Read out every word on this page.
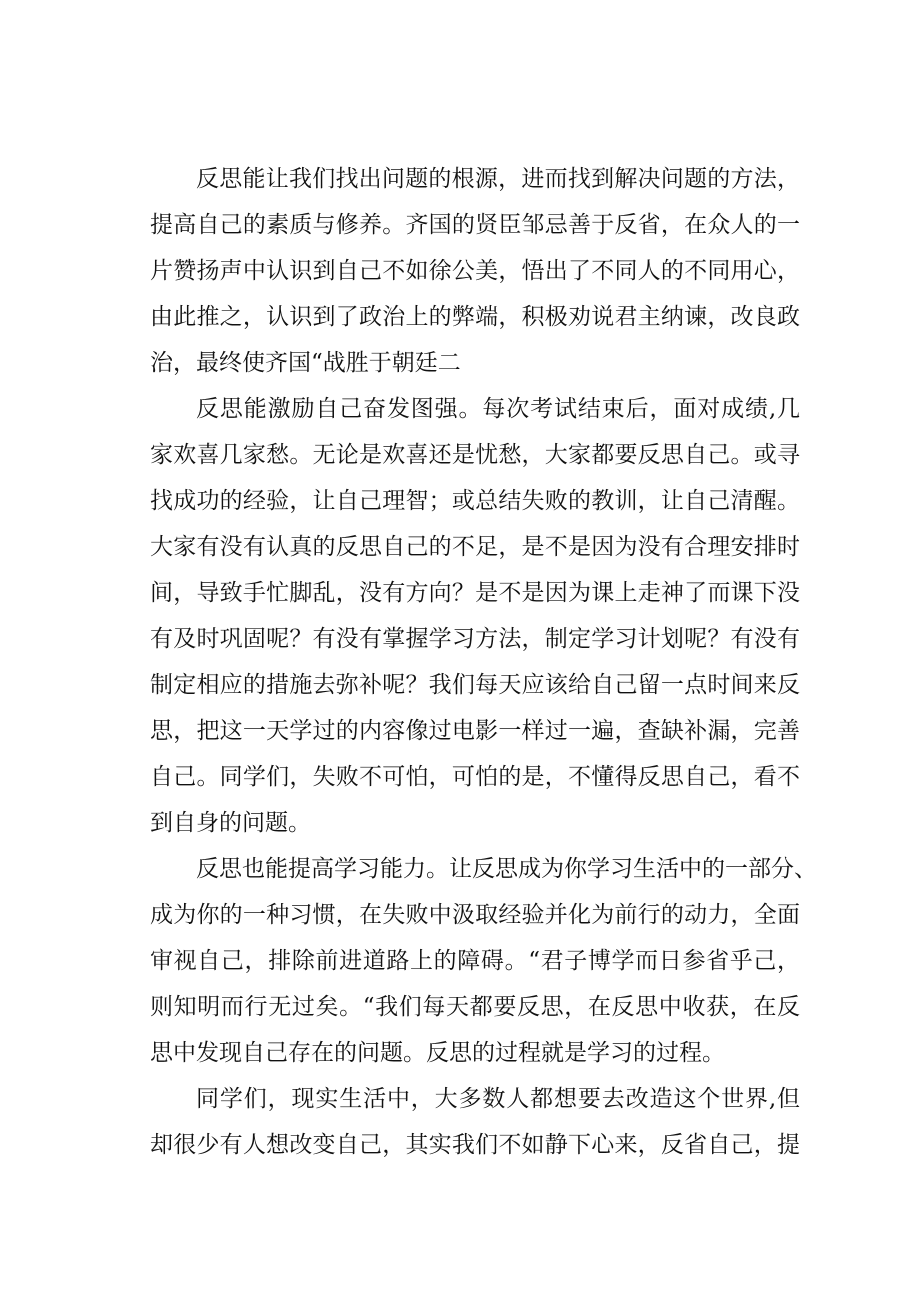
反思能让我们找出问题的根源，进而找到解决问题的方法，
提高自己的素质与修养。齐国的贤臣邹忌善于反省，在众人的一
片赞扬声中认识到自己不如徐公美，悟出了不同人的不同用心，
由此推之，认识到了政治上的弊端，积极劝说君主纳谏，改良政
治，最终使齐国“战胜于朝廷二
反思能激励自己奋发图强。每次考试结束后，面对成绩,几
家欢喜几家愁。无论是欢喜还是忧愁，大家都要反思自己。或寻
找成功的经验，让自己理智；或总结失败的教训，让自己清醒。
大家有没有认真的反思自己的不足，是不是因为没有合理安排时
间，导致手忙脚乱，没有方向？是不是因为课上走神了而课下没
有及时巩固呢？有没有掌握学习方法，制定学习计划呢？有没有
制定相应的措施去弥补呢？我们每天应该给自己留一点时间来反
思，把这一天学过的内容像过电影一样过一遍，查缺补漏，完善
自己。同学们，失败不可怕，可怕的是，不懂得反思自己，看不
到自身的问题。
反思也能提高学习能力。让反思成为你学习生活中的一部分、
成为你的一种习惯，在失败中汲取经验并化为前行的动力，全面
审视自己，排除前进道路上的障碍。“君子博学而日参省乎己，
则知明而行无过矣。“我们每天都要反思，在反思中收获，在反
思中发现自己存在的问题。反思的过程就是学习的过程。
同学们，现实生活中，大多数人都想要去改造这个世界,但
却很少有人想改变自己，其实我们不如静下心来，反省自己，提
